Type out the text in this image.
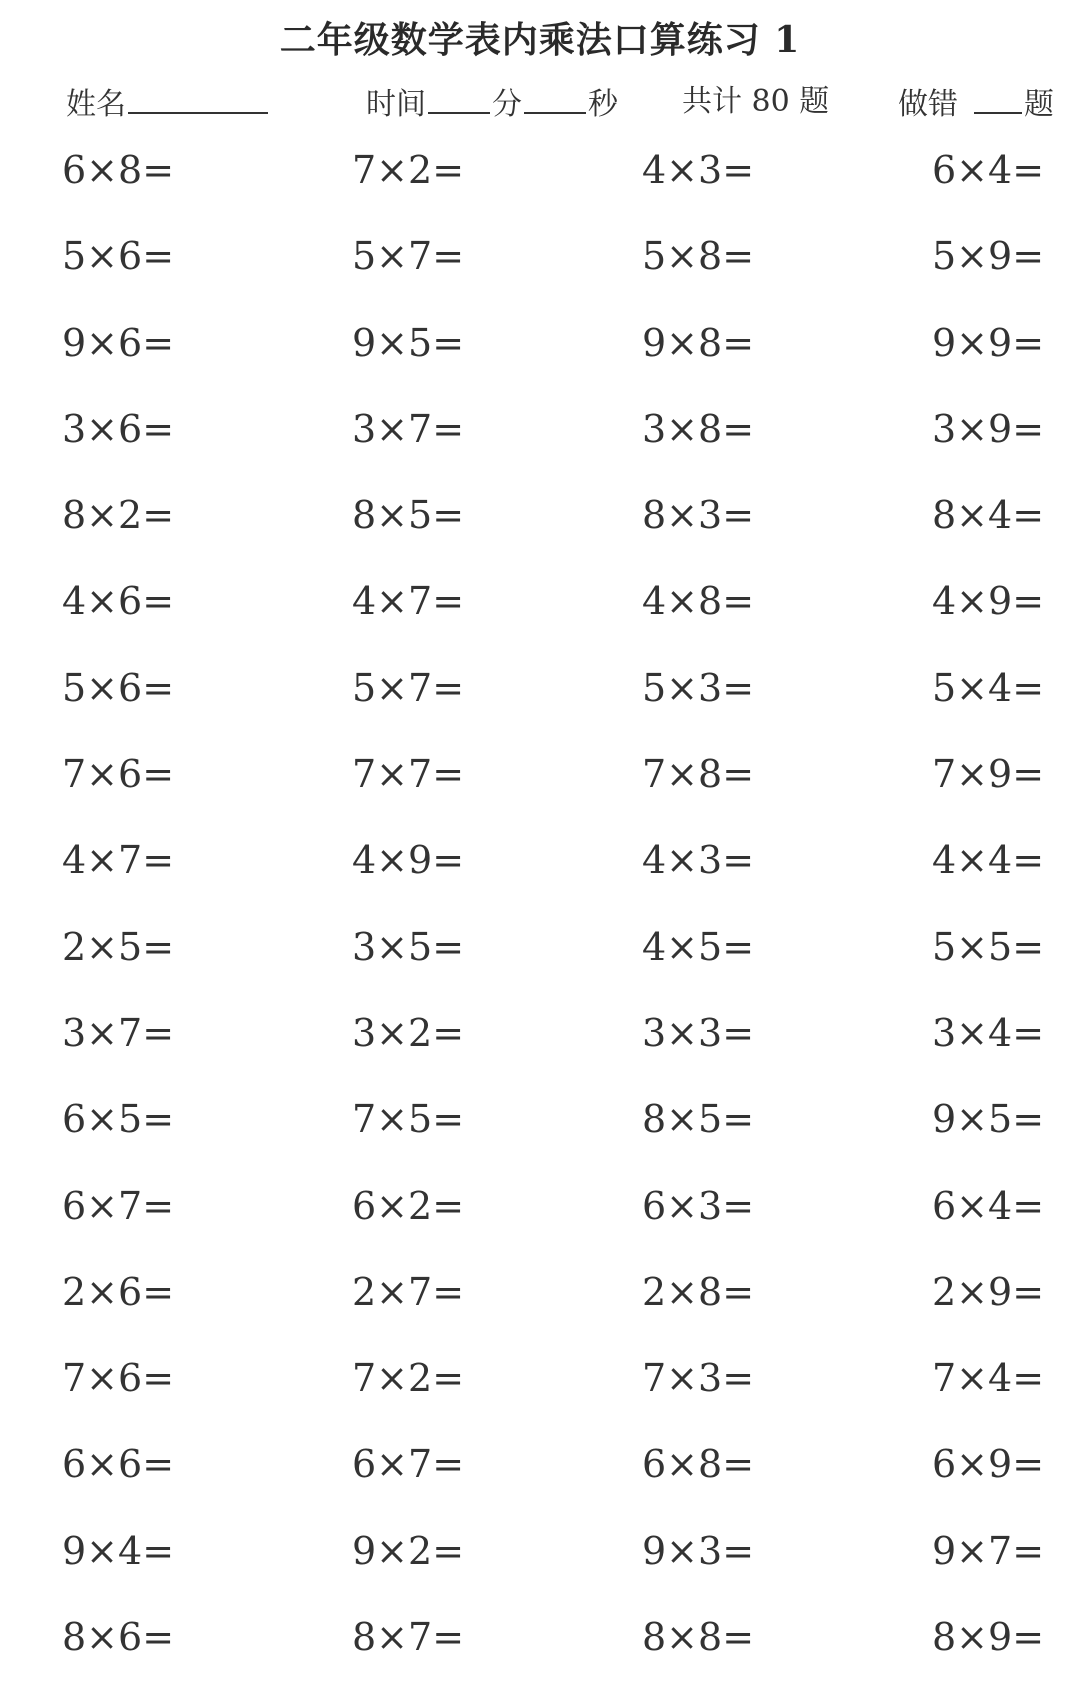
二年级数学表内乘法口算练习 1
姓名	时间 分 秒 共计 80 题 做错 题
6×8=	7×2=	4×3=	6×4=
5×6=	5×7=	5×8=	5×9=
9×6=	9×5=	9×8=	9×9=
3×6=	3×7=	3×8=	3×9=
8×2=	8×5=	8×3=	8×4=
4×6=	4×7=	4×8=	4×9=
5×6=	5×7=	5×3=	5×4=
7×6=	7×7=	7×8=	7×9=
4×7=	4×9=	4×3=	4×4=
2×5=	3×5=	4×5=	5×5=
3×7=	3×2=	3×3=	3×4=
6×5=	7×5=	8×5=	9×5=
6×7=	6×2=	6×3=	6×4=
2×6=	2×7=	2×8=	2×9=
7×6=	7×2=	7×3=	7×4=
6×6=	6×7=	6×8=	6×9=
9×4=	9×2=	9×3=	9×7=
8×6=	8×7=	8×8=	8×9=
